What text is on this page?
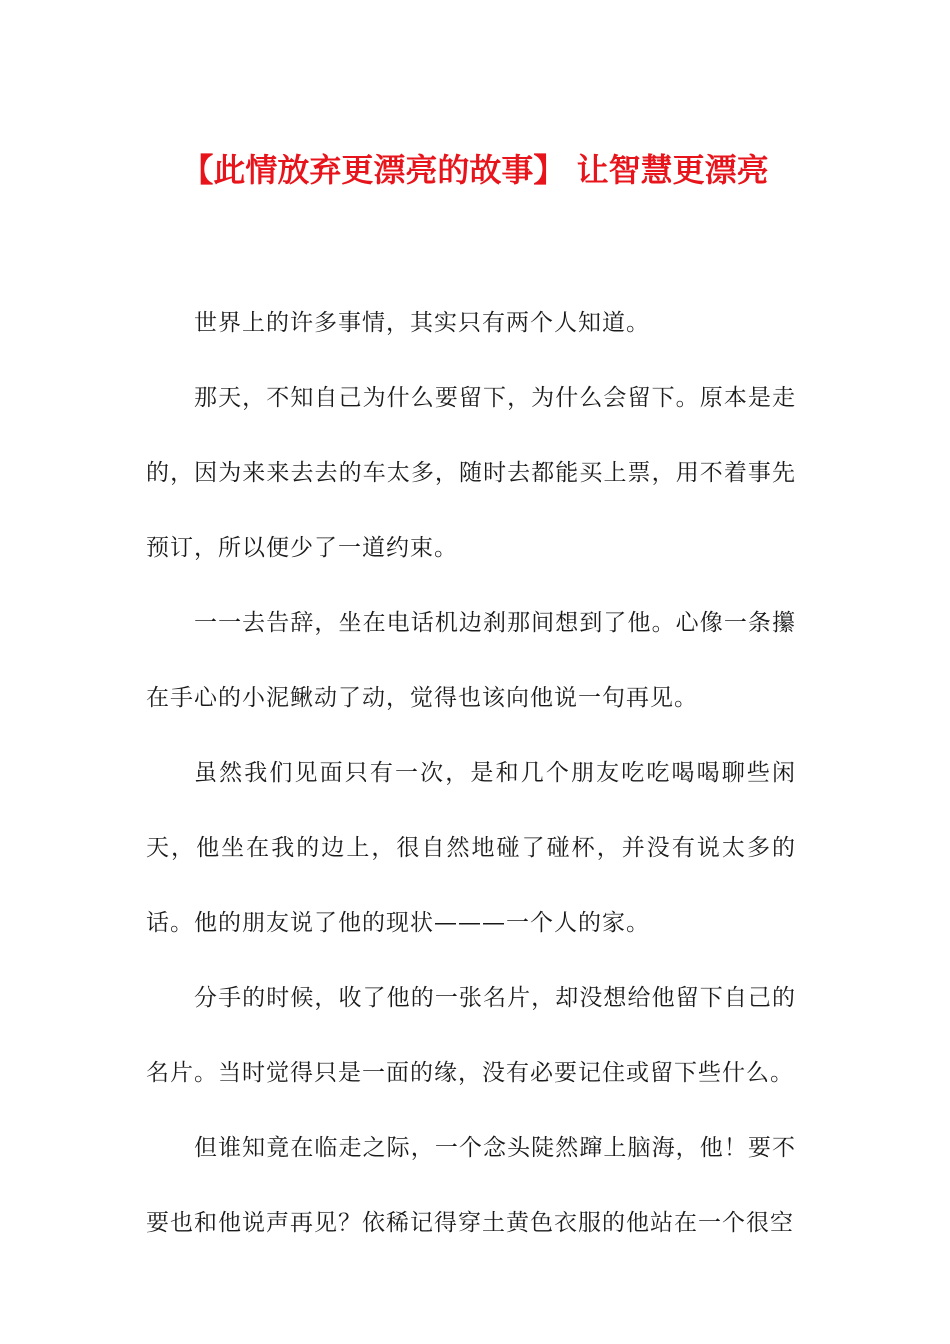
【此情放弃更漂亮的故事】 让智慧更漂亮

世界上的许多事情，其实只有两个人知道。

那天，不知自己为什么要留下，为什么会留下。原本是走的，因为来来去去的车太多，随时去都能买上票，用不着事先预订，所以便少了一道约束。

一一去告辞，坐在电话机边刹那间想到了他。心像一条攥在手心的小泥鳅动了动，觉得也该向他说一句再见。

虽然我们见面只有一次，是和几个朋友吃吃喝喝聊些闲天，他坐在我的边上，很自然地碰了碰杯，并没有说太多的话。他的朋友说了他的现状———一个人的家。

分手的时候，收了他的一张名片，却没想给他留下自己的名片。当时觉得只是一面的缘，没有必要记住或留下些什么。

但谁知竟在临走之际，一个念头陡然蹿上脑海，他！要不要也和他说声再见？依稀记得穿土黄色衣服的他站在一个很空
